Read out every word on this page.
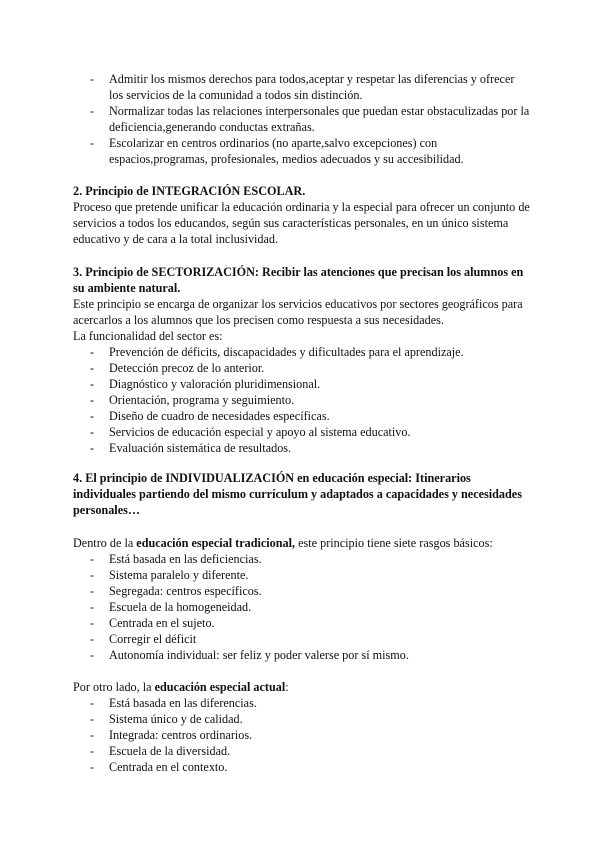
- Admitir los mismos derechos para todos,aceptar y respetar las diferencias y ofrecer los servicios de la comunidad a todos sin distinción.
- Normalizar todas las relaciones interpersonales que puedan estar obstaculizadas por la deficiencia,generando conductas extrañas.
- Escolarizar en centros ordinarios (no aparte,salvo excepciones) con espacios,programas, profesionales, medios adecuados y su accesibilidad.

2. Principio de INTEGRACIÓN ESCOLAR.

Proceso que pretende unificar la educación ordinaria y la especial para ofrecer un conjunto de servicios a todos los educandos, según sus características personales, en un único sistema educativo y de cara a la total inclusividad.

3. Principio de SECTORIZACIÓN: Recibir las atenciones que precisan los alumnos en su ambiente natural.

Este principio se encarga de organizar los servicios educativos por sectores geográficos para acercarlos a los alumnos que los precisen como respuesta a sus necesidades.

La funcionalidad del sector es:

- Prevención de déficits, discapacidades y dificultades para el aprendizaje.
- Detección precoz de lo anterior.
- Diagnóstico y valoración pluridimensional.
- Orientación, programa y seguimiento.
- Diseño de cuadro de necesidades específicas.
- Servicios de educación especial y apoyo al sistema educativo.
- Evaluación sistemática de resultados.

4. El principio de INDIVIDUALIZACIÓN en educación especial: Itinerarios individuales partiendo del mismo currículum y adaptados a capacidades y necesidades personales…

Dentro de la educación especial tradicional, este principio tiene siete rasgos básicos:

- Está basada en las deficiencias.
- Sistema paralelo y diferente.
- Segregada: centros específicos.
- Escuela de la homogeneidad.
- Centrada en el sujeto.
- Corregir el déficit
- Autonomía individual: ser feliz y poder valerse por sí mismo.

Por otro lado, la educación especial actual:

- Está basada en las diferencias.
- Sistema único y de calidad.
- Integrada: centros ordinarios.
- Escuela de la diversidad.
- Centrada en el contexto.
